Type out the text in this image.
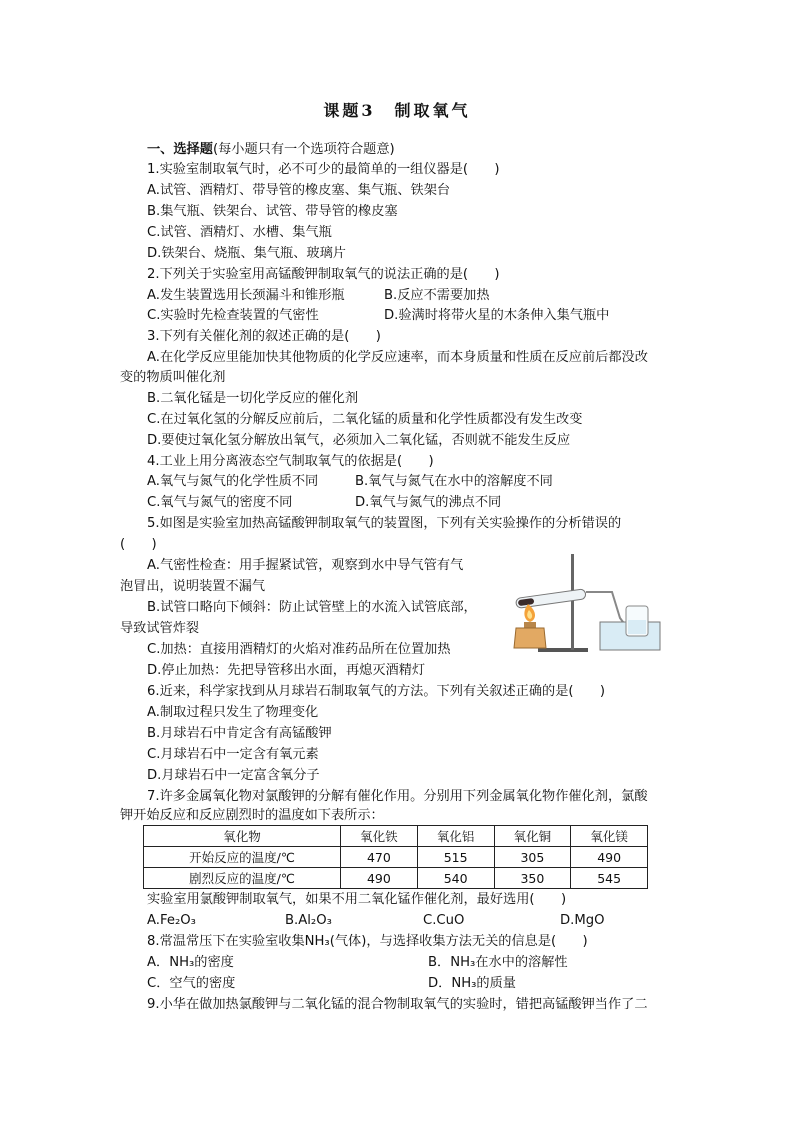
课题3　制取氧气
一、选择题(每小题只有一个选项符合题意)
1.实验室制取氧气时，必不可少的最简单的一组仪器是(　　)
A.试管、酒精灯、带导管的橡皮塞、集气瓶、铁架台
B.集气瓶、铁架台、试管、带导管的橡皮塞
C.试管、酒精灯、水槽、集气瓶
D.铁架台、烧瓶、集气瓶、玻璃片
2.下列关于实验室用高锰酸钾制取氧气的说法正确的是(　　)
A.发生装置选用长颈漏斗和锥形瓶	B.反应不需要加热
C.实验时先检查装置的气密性	D.验满时将带火星的木条伸入集气瓶中
3.下列有关催化剂的叙述正确的是(　　)
A.在化学反应里能加快其他物质的化学反应速率，而本身质量和性质在反应前后都没改
变的物质叫催化剂
B.二氧化锰是一切化学反应的催化剂
C.在过氧化氢的分解反应前后，二氧化锰的质量和化学性质都没有发生改变
D.要使过氧化氢分解放出氧气，必须加入二氧化锰，否则就不能发生反应
4.工业上用分离液态空气制取氧气的依据是(　　)
A.氧气与氮气的化学性质不同	B.氧气与氮气在水中的溶解度不同
C.氧气与氮气的密度不同	D.氧气与氮气的沸点不同
5.如图是实验室加热高锰酸钾制取氧气的装置图，下列有关实验操作的分析错误的
(　　)
A.气密性检查：用手握紧试管，观察到水中导气管有气
泡冒出，说明装置不漏气
B.试管口略向下倾斜：防止试管壁上的水流入试管底部，
导致试管炸裂
C.加热：直接用酒精灯的火焰对准药品所在位置加热
D.停止加热：先把导管移出水面，再熄灭酒精灯
6.近来，科学家找到从月球岩石制取氧气的方法。下列有关叙述正确的是(　　)
A.制取过程只发生了物理变化
B.月球岩石中肯定含有高锰酸钾
C.月球岩石中一定含有氧元素
D.月球岩石中一定富含氧分子
7.许多金属氧化物对氯酸钾的分解有催化作用。分别用下列金属氧化物作催化剂，氯酸
钾开始反应和反应剧烈时的温度如下表所示：
氧化物	氧化铁	氧化铝	氧化铜	氧化镁
开始反应的温度/℃	470	515	305	490
剧烈反应的温度/℃	490	540	350	545
实验室用氯酸钾制取氧气，如果不用二氧化锰作催化剂，最好选用(　　)
A.Fe₂O₃	B.Al₂O₃	C.CuO	D.MgO
8.常温常压下在实验室收集NH₃(气体)，与选择收集方法无关的信息是(　　)
A．NH₃的密度	B．NH₃在水中的溶解性
C．空气的密度	D．NH₃的质量
9.小华在做加热氯酸钾与二氧化锰的混合物制取氧气的实验时，错把高锰酸钾当作了二
